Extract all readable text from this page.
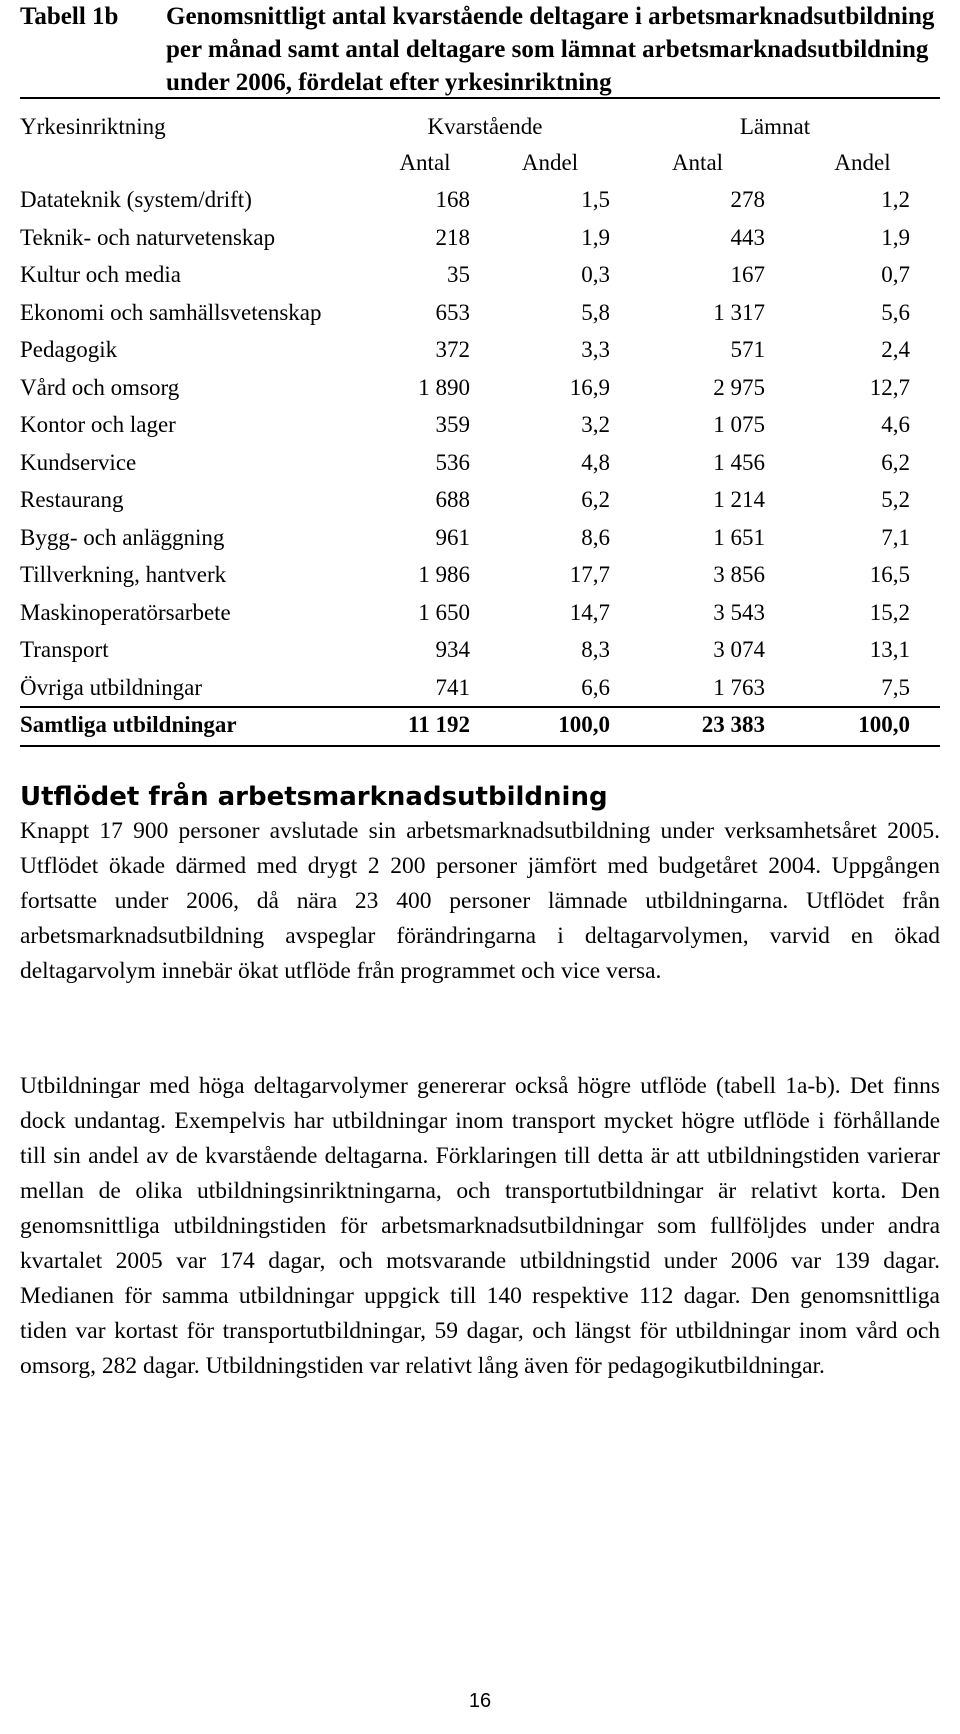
Tabell 1b Genomsnittligt antal kvarstående deltagare i arbetsmarknadsutbildning per månad samt antal deltagare som lämnat arbetsmarknadsutbildning under 2006, fördelat efter yrkesinriktning
Yrkesinriktning	Kvarstående		Lämnat	
	Antal	Andel	Antal	Andel
Datateknik (system/drift)	168	1,5	278	1,2
Teknik- och naturvetenskap	218	1,9	443	1,9
Kultur och media	35	0,3	167	0,7
Ekonomi och samhällsvetenskap	653	5,8	1 317	5,6
Pedagogik	372	3,3	571	2,4
Vård och omsorg	1 890	16,9	2 975	12,7
Kontor och lager	359	3,2	1 075	4,6
Kundservice	536	4,8	1 456	6,2
Restaurang	688	6,2	1 214	5,2
Bygg- och anläggning	961	8,6	1 651	7,1
Tillverkning, hantverk	1 986	17,7	3 856	16,5
Maskinoperatörsarbete	1 650	14,7	3 543	15,2
Transport	934	8,3	3 074	13,1
Övriga utbildningar	741	6,6	1 763	7,5
Samtliga utbildningar	11 192	100,0	23 383	100,0
Utflödet från arbetsmarknadsutbildning

Knappt 17 900 personer avslutade sin arbetsmarknadsutbildning under verksamhetsåret 2005. Utflödet ökade därmed med drygt 2 200 personer jämfört med budgetåret 2004. Uppgången fortsatte under 2006, då nära 23 400 personer lämnade utbildningarna. Utflödet från arbetsmarknadsutbildning avspeglar förändringarna i deltagarvolymen, varvid en ökad deltagarvolym innebär ökat utflöde från programmet och vice versa.

Utbildningar med höga deltagarvolymer genererar också högre utflöde (tabell 1a-b). Det finns dock undantag. Exempelvis har utbildningar inom transport mycket högre utflöde i förhållande till sin andel av de kvarstående deltagarna. Förklaringen till detta är att utbildningstiden varierar mellan de olika utbildningsinriktningarna, och transportutbildningar är relativt korta. Den genomsnittliga utbildningstiden för arbetsmarknadsutbildningar som fullföljdes under andra kvartalet 2005 var 174 dagar, och motsvarande utbildningstid under 2006 var 139 dagar. Medianen för samma utbildningar uppgick till 140 respektive 112 dagar. Den genomsnittliga tiden var kortast för transportutbildningar, 59 dagar, och längst för utbildningar inom vård och omsorg, 282 dagar. Utbildningstiden var relativt lång även för pedagogikutbildningar.

16
